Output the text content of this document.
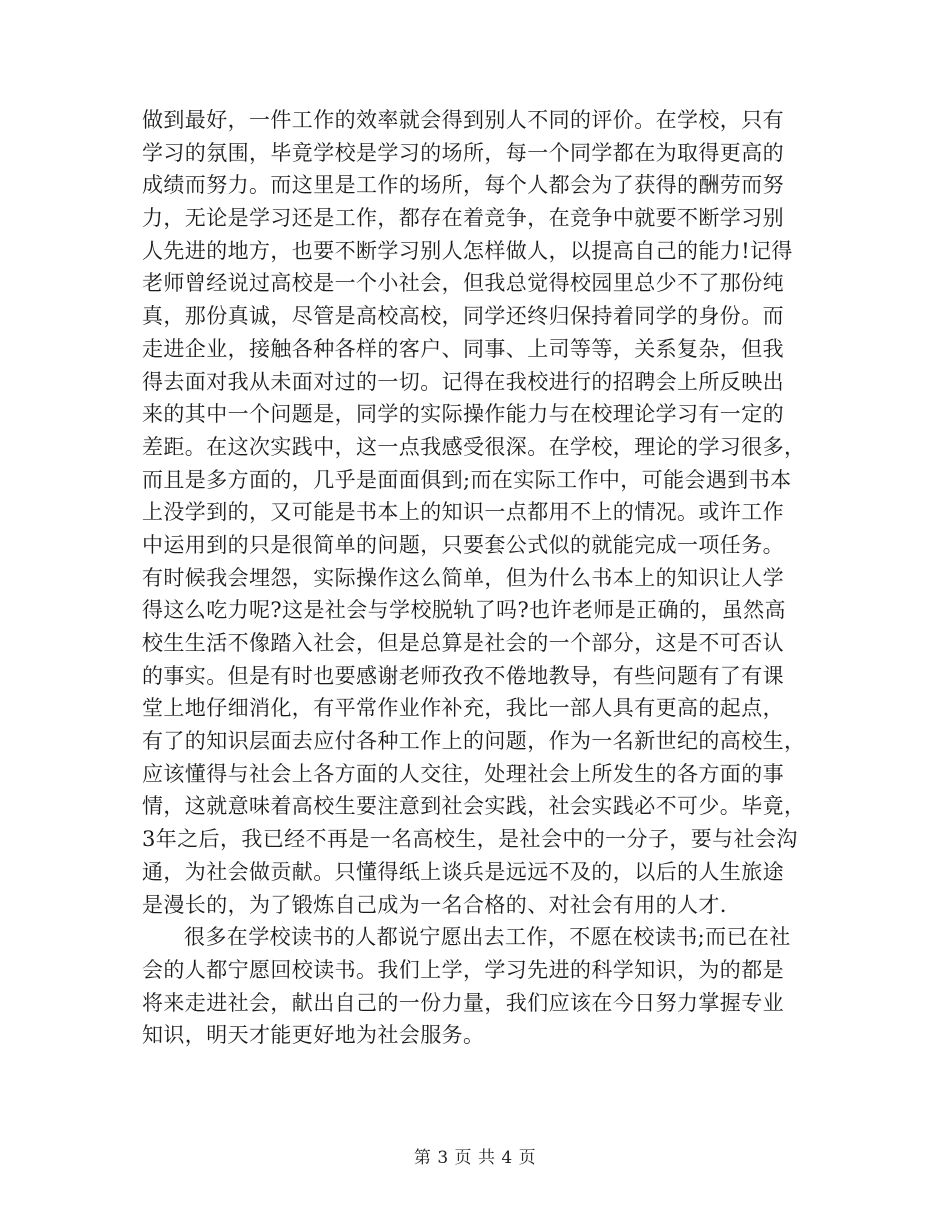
做到最好，一件工作的效率就会得到别人不同的评价。在学校，只有
学习的氛围，毕竟学校是学习的场所，每一个同学都在为取得更高的
成绩而努力。而这里是工作的场所，每个人都会为了获得的酬劳而努
力，无论是学习还是工作，都存在着竞争，在竞争中就要不断学习别
人先进的地方，也要不断学习别人怎样做人，以提高自己的能力!记得
老师曾经说过高校是一个小社会，但我总觉得校园里总少不了那份纯
真，那份真诚，尽管是高校高校，同学还终归保持着同学的身份。而
走进企业，接触各种各样的客户、同事、上司等等，关系复杂，但我
得去面对我从未面对过的一切。记得在我校进行的招聘会上所反映出
来的其中一个问题是，同学的实际操作能力与在校理论学习有一定的
差距。在这次实践中，这一点我感受很深。在学校，理论的学习很多，
而且是多方面的，几乎是面面俱到;而在实际工作中，可能会遇到书本
上没学到的，又可能是书本上的知识一点都用不上的情况。或许工作
中运用到的只是很简单的问题，只要套公式似的就能完成一项任务。
有时候我会埋怨，实际操作这么简单，但为什么书本上的知识让人学
得这么吃力呢?这是社会与学校脱轨了吗?也许老师是正确的，虽然高
校生生活不像踏入社会，但是总算是社会的一个部分，这是不可否认
的事实。但是有时也要感谢老师孜孜不倦地教导，有些问题有了有课
堂上地仔细消化，有平常作业作补充，我比一部人具有更高的起点，
有了的知识层面去应付各种工作上的问题，作为一名新世纪的高校生，
应该懂得与社会上各方面的人交往，处理社会上所发生的各方面的事
情，这就意味着高校生要注意到社会实践，社会实践必不可少。毕竟，
3年之后，我已经不再是一名高校生，是社会中的一分子，要与社会沟
通，为社会做贡献。只懂得纸上谈兵是远远不及的，以后的人生旅途
是漫长的，为了锻炼自己成为一名合格的、对社会有用的人才.
很多在学校读书的人都说宁愿出去工作，不愿在校读书;而已在社
会的人都宁愿回校读书。我们上学，学习先进的科学知识，为的都是
将来走进社会，献出自己的一份力量，我们应该在今日努力掌握专业
知识，明天才能更好地为社会服务。
第 3 页 共 4 页
